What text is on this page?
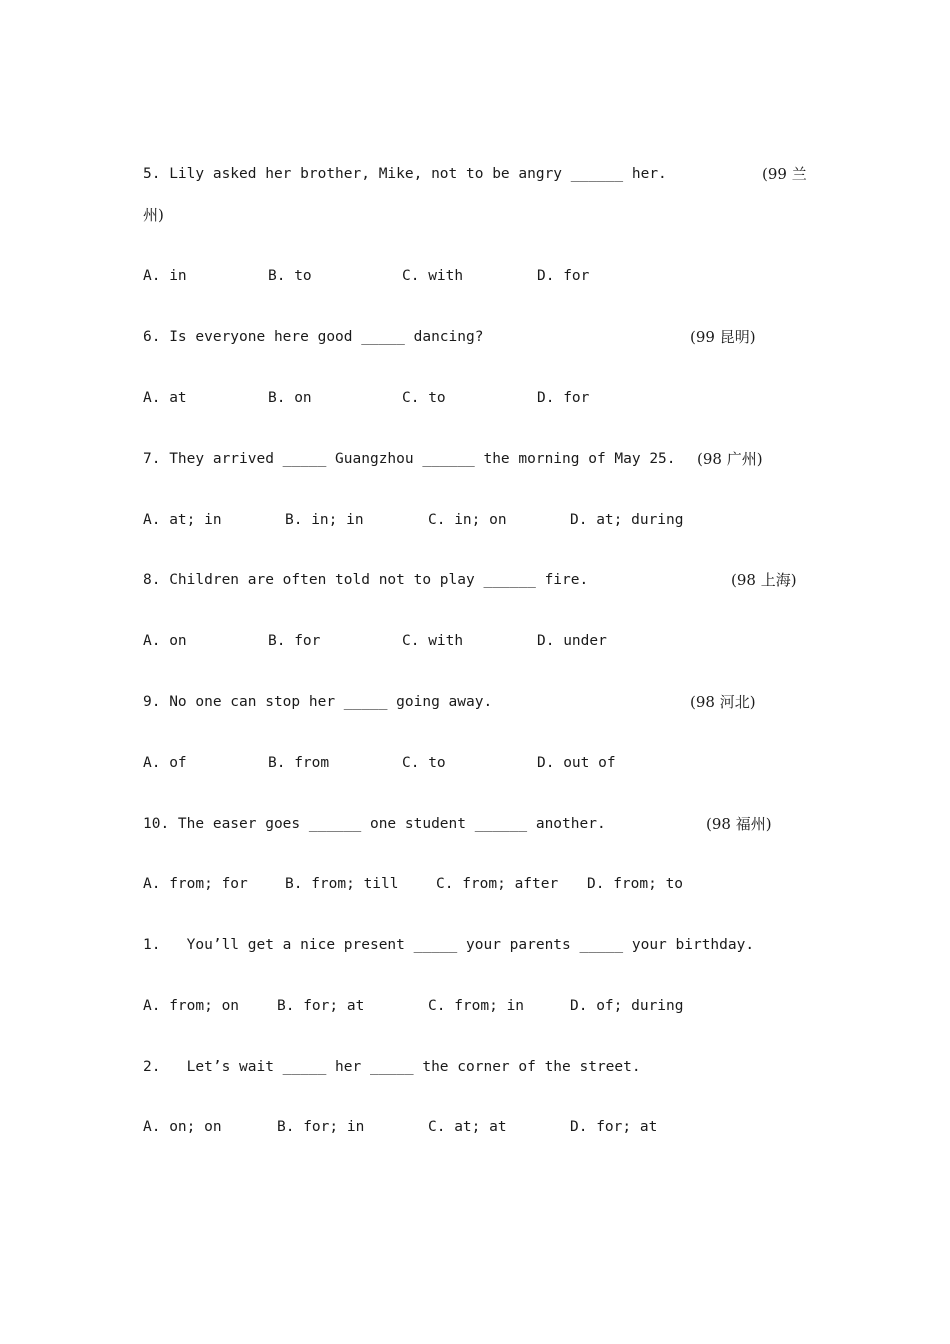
5. Lily asked her brother, Mike, not to be angry ______ her.	(99 兰
州)
A. in	B. to	C. with	D. for
6. Is everyone here good _____ dancing?	(99 昆明)
A. at	B. on	C. to	D. for
7. They arrived _____ Guangzhou ______ the morning of May 25. (98 广州)
A. at; in	B. in; in	C. in; on	D. at; during
8. Children are often told not to play ______ fire.	(98 上海)
A. on	B. for	C. with	D. under
9. No one can stop her _____ going away.	(98 河北)
A. of	B. from	C. to	D. out of
10. The easer goes ______ one student ______ another.	(98 福州)
A. from; for	B. from; till	C. from; after D. from; to
1.   You’ll get a nice present _____ your parents _____ your birthday.
A. from; on	B. for; at	C. from; in	D. of; during
2.   Let’s wait _____ her _____ the corner of the street.
A. on; on	B. for; in	C. at; at	D. for; at
